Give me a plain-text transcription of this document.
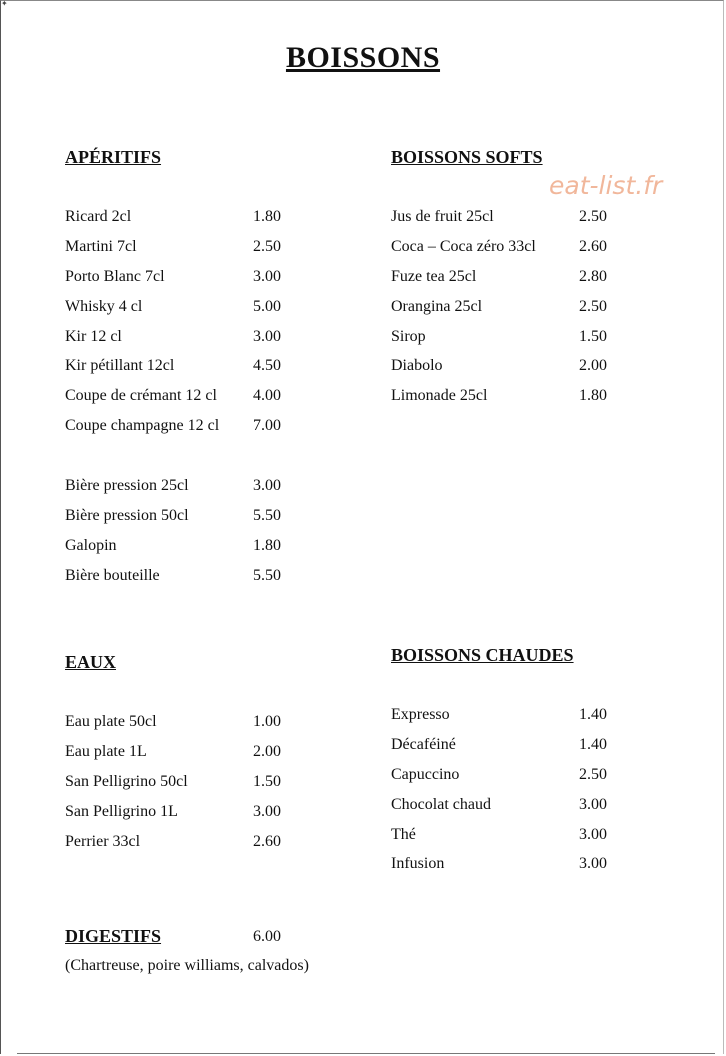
✦
BOISSONS
eat-list.fr
APÉRITIFS
Ricard 2cl	1.80
Martini 7cl	2.50
Porto Blanc 7cl	3.00
Whisky 4 cl	5.00
Kir 12 cl	3.00
Kir pétillant 12cl	4.50
Coupe de crémant 12 cl 4.00
Coupe champagne 12 cl 7.00
Bière pression 25cl	3.00
Bière pression 50cl	5.50
Galopin	1.80
Bière bouteille	5.50
BOISSONS SOFTS
Jus de fruit 25cl	2.50
Coca – Coca zéro 33cl	2.60
Fuze tea 25cl	2.80
Orangina 25cl	2.50
Sirop	1.50
Diabolo	2.00
Limonade 25cl	1.80
EAUX
Eau plate 50cl	1.00
Eau plate 1L	2.00
San Pelligrino 50cl	1.50
San Pelligrino 1L	3.00
Perrier 33cl	2.60
BOISSONS CHAUDES
Expresso	1.40
Décaféiné	1.40
Capuccino	2.50
Chocolat chaud	3.00
Thé	3.00
Infusion	3.00
DIGESTIFS	6.00
(Chartreuse, poire williams, calvados)
